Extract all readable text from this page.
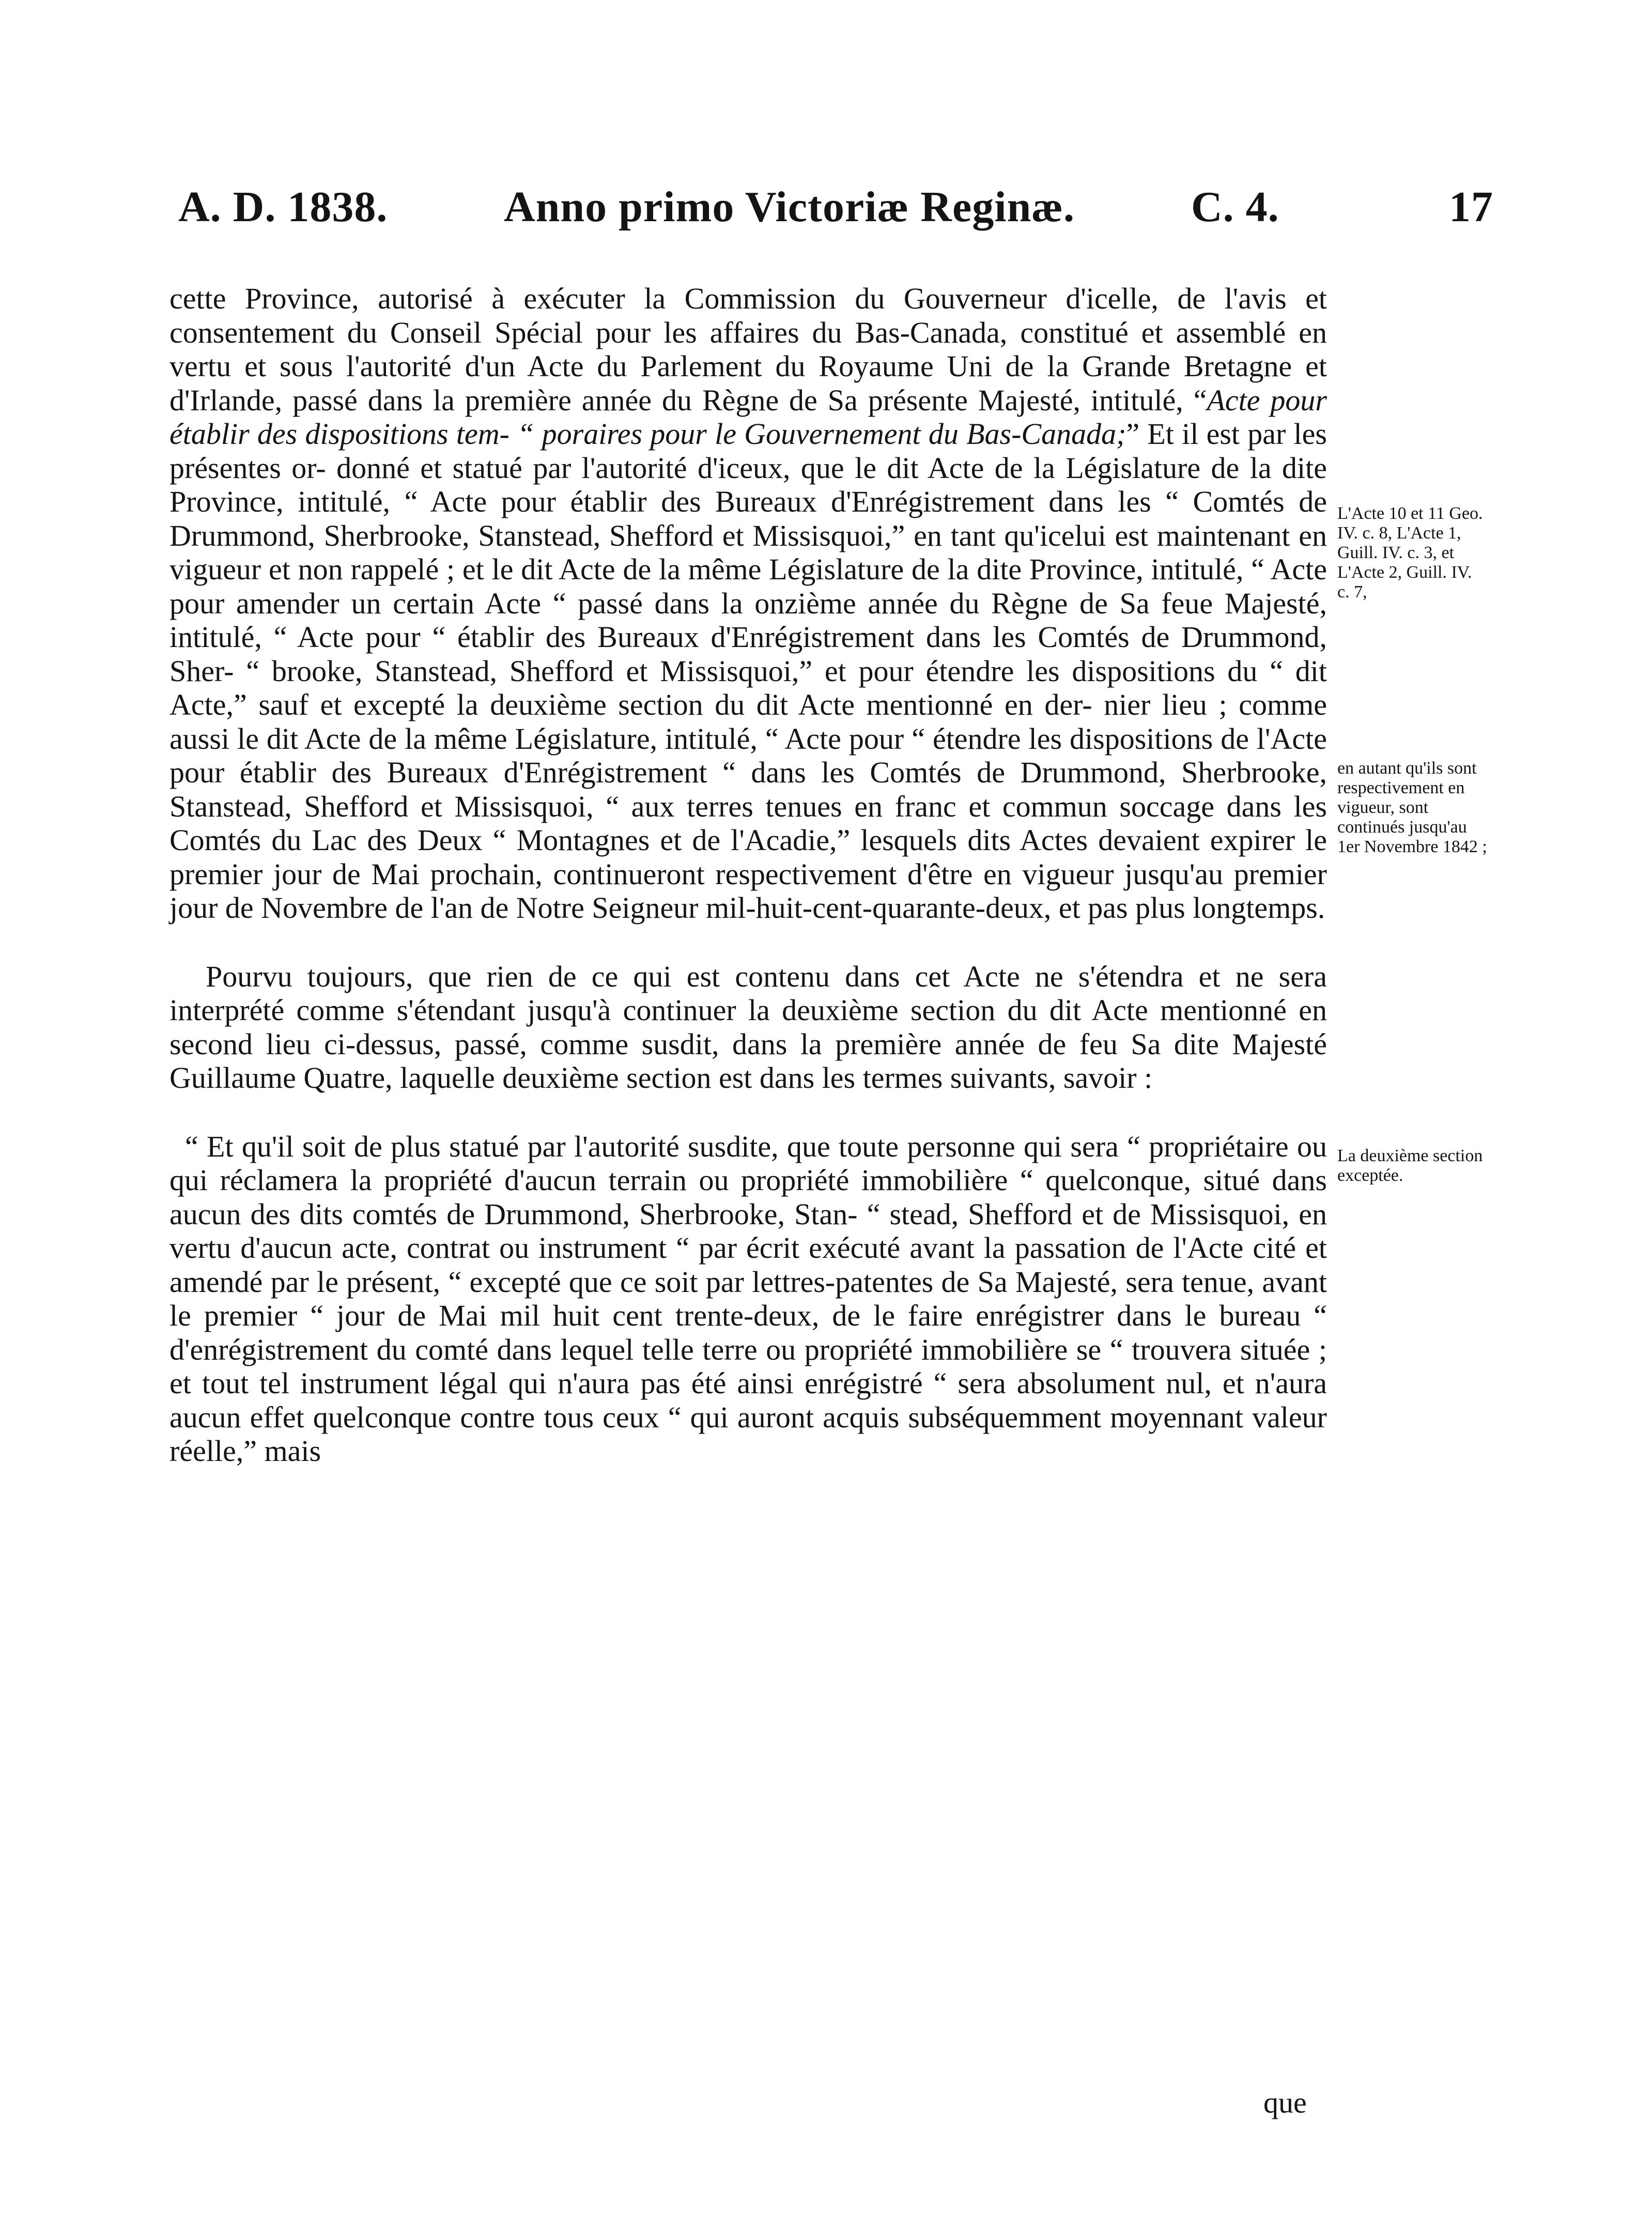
A. D. 1838.	Anno primo Victoriæ Reginæ.	C. 4.	17

cette Province, autorisé à exécuter la Commission du Gouverneur d'icelle, de l'avis et consentement du Conseil Spécial pour les affaires du Bas-Canada, constitué et assemblé en vertu et sous l'autorité d'un Acte du Parlement du Royaume Uni de la Grande Bretagne et d'Irlande, passé dans la première année du Règne de Sa présente Majesté, intitulé, “Acte pour établir des dispositions tem- “ poraires pour le Gouvernement du Bas-Canada;” Et il est par les présentes or- donné et statué par l'autorité d'iceux, que le dit Acte de la Législature de la dite Province, intitulé, “ Acte pour établir des Bureaux d'Enrégistrement dans les “ Comtés de Drummond, Sherbrooke, Stanstead, Shefford et Missisquoi,” en tant qu'icelui est maintenant en vigueur et non rappelé ; et le dit Acte de la même Législature de la dite Province, intitulé, “ Acte pour amender un certain Acte “ passé dans la onzième année du Règne de Sa feue Majesté, intitulé, “ Acte pour “ établir des Bureaux d'Enrégistrement dans les Comtés de Drummond, Sher- “ brooke, Stanstead, Shefford et Missisquoi,” et pour étendre les dispositions du “ dit Acte,” sauf et excepté la deuxième section du dit Acte mentionné en der- nier lieu ; comme aussi le dit Acte de la même Législature, intitulé, “ Acte pour “ étendre les dispositions de l'Acte pour établir des Bureaux d'Enrégistrement “ dans les Comtés de Drummond, Sherbrooke, Stanstead, Shefford et Missisquoi, “ aux terres tenues en franc et commun soccage dans les Comtés du Lac des Deux “ Montagnes et de l'Acadie,” lesquels dits Actes devaient expirer le premier jour de Mai prochain, continueront respectivement d'être en vigueur jusqu'au premier jour de Novembre de l'an de Notre Seigneur mil-huit-cent-quarante-deux, et pas plus longtemps.

Pourvu toujours, que rien de ce qui est contenu dans cet Acte ne s'étendra et ne sera interprété comme s'étendant jusqu'à continuer la deuxième section du dit Acte mentionné en second lieu ci-dessus, passé, comme susdit, dans la première année de feu Sa dite Majesté Guillaume Quatre, laquelle deuxième section est dans les termes suivants, savoir :

“ Et qu'il soit de plus statué par l'autorité susdite, que toute personne qui sera “ propriétaire ou qui réclamera la propriété d'aucun terrain ou propriété immobilière “ quelconque, situé dans aucun des dits comtés de Drummond, Sherbrooke, Stan- “ stead, Shefford et de Missisquoi, en vertu d'aucun acte, contrat ou instrument “ par écrit exécuté avant la passation de l'Acte cité et amendé par le présent, “ excepté que ce soit par lettres-patentes de Sa Majesté, sera tenue, avant le premier “ jour de Mai mil huit cent trente-deux, de le faire enrégistrer dans le bureau “ d'enrégistrement du comté dans lequel telle terre ou propriété immobilière se “ trouvera située ; et tout tel instrument légal qui n'aura pas été ainsi enrégistré “ sera absolument nul, et n'aura aucun effet quelconque contre tous ceux “ qui auront acquis subséquemment moyennant valeur réelle,” mais

que
L'Acte 10 et 11 Geo. IV. c. 8, L'Acte 1, Guill. IV. c. 3, et L'Acte 2, Guill. IV. c. 7,
en autant qu'ils sont respectivement en vigueur, sont continués jusqu'au 1er Novembre 1842 ;
La deuxième section exceptée.
